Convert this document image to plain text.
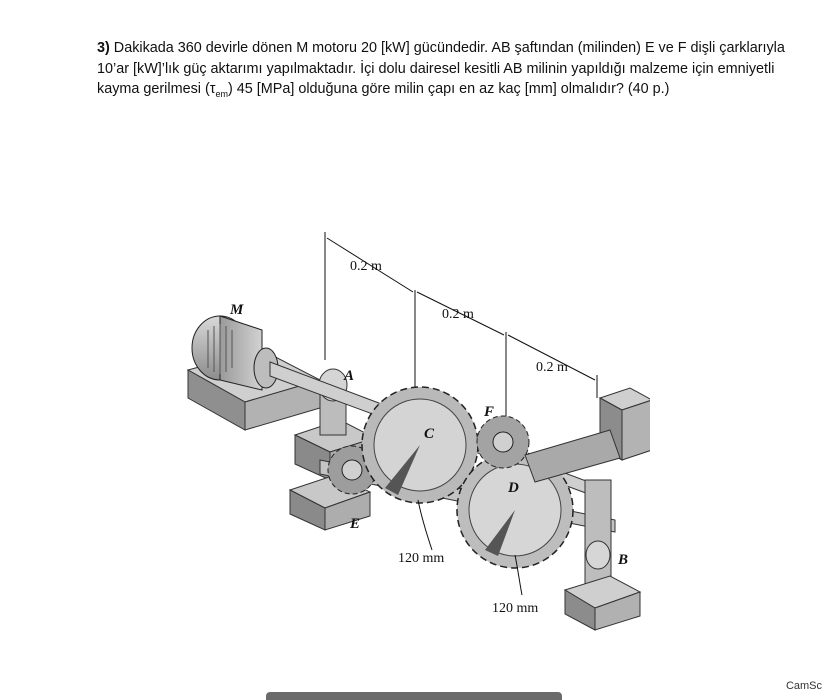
3) Dakikada 360 devirle dönen M motoru 20 [kW] gücündedir. AB şaftından (milinden) E ve F dişli çarklarıyla 10’ar [kW]’lık güç aktarımı yapılmaktadır. İçi dolu dairesel kesitli AB milinin yapıldığı malzeme için emniyetli kayma gerilmesi $(\tau_{em})$ 45 [MPa] olduğuna göre milin çapı en az kaç [mm] olmalıdır? (40 p.)

0.2 m
0.2 m
0.2 m
M
A
E
C
D
F
B
120 mm
120 mm
CamSc
